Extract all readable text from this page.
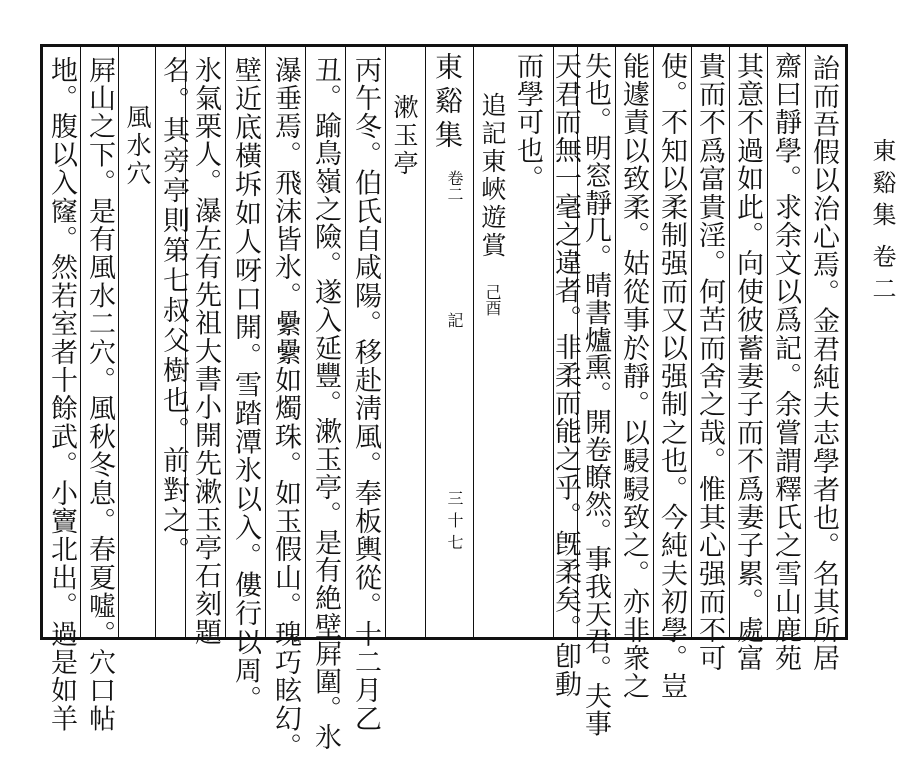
東谿集
卷二
詒而吾假以治心焉。金君純夫志學者也。名其所居
齋曰靜學。求余文以爲記。余嘗謂釋氏之雪山鹿苑
其意不過如此。向使彼蓄妻子而不爲妻子累。處富
貴而不爲富貴淫。何苦而舍之哉。惟其心强而不可
使。不知以柔制强而又以强制之也。今純夫初學。豈
能遽責以致柔。姑從事於靜。以駸駸致之。亦非衆之
失也。明窓靜几。晴書爐熏。開卷瞭然。事我天君。夫事
天君而無一毫之違者。非柔而能之乎。旣柔矣。卽動
而學可也。
追記東峽遊賞
己酉
東谿集
卷二
記
三十七
漱玉亭
丙午冬。伯氏自咸陽。移赴淸風。奉板輿從。十二月乙
丑。踰鳥嶺之險。遂入延豐。漱玉亭。是有絶壁屛圍。氷
瀑垂焉。飛沫皆氷。纍纍如燭珠。如玉假山。瑰巧眩幻。
壁近底橫坼如人呀口開。雪踏潭氷以入。僂行以周。
氷氣栗人。瀑左有先祖大書小開先漱玉亭石刻題
名。其旁亭則第七叔父樹也。前對之。
風水穴
屛山之下。是有風水二穴。風秋冬息。春夏噓。穴口帖
地。腹以入窿。然若室者十餘武。小竇北出。過是如羊
